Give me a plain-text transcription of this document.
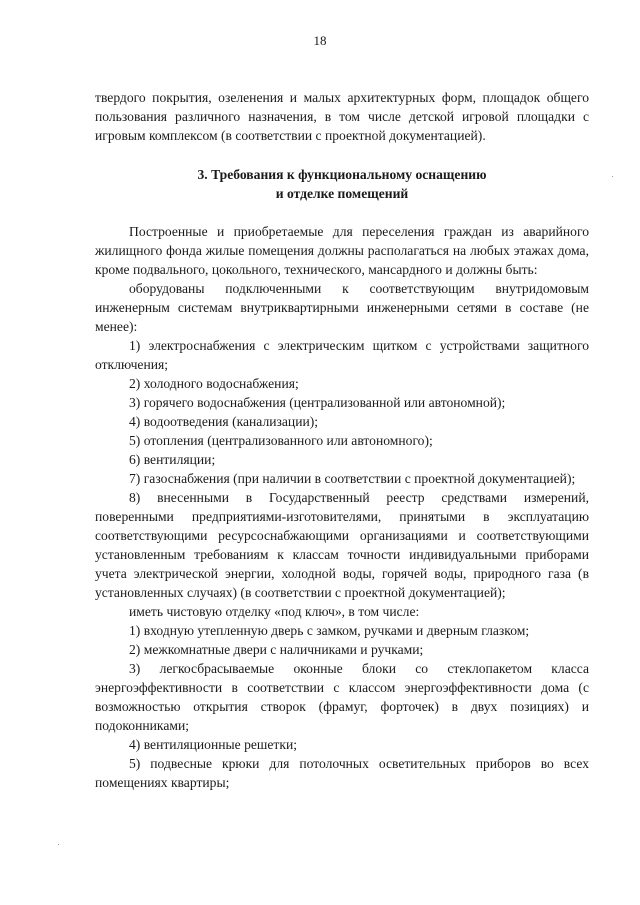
18

твердого покрытия, озеленения и малых архитектурных форм, площадок общего пользования различного назначения, в том числе детской игровой площадки с игровым комплексом (в соответствии с проектной документацией).

3. Требования к функциональному оснащению
и отделке помещений

Построенные и приобретаемые для переселения граждан из аварийного жилищного фонда жилые помещения должны располагаться на любых этажах дома, кроме подвального, цокольного, технического, мансардного и должны быть:

оборудованы подключенными к соответствующим внутридомовым инженерным системам внутриквартирными инженерными сетями в составе (не менее):

1) электроснабжения с электрическим щитком с устройствами защитного отключения;

2) холодного водоснабжения;

3) горячего водоснабжения (централизованной или автономной);

4) водоотведения (канализации);

5) отопления (централизованного или автономного);

6) вентиляции;

7) газоснабжения (при наличии в соответствии с проектной документацией);

8) внесенными в Государственный реестр средствами измерений, поверенными предприятиями-изготовителями, принятыми в эксплуатацию соответствующими ресурсоснабжающими организациями и соответствующими установленным требованиям к классам точности индивидуальными приборами учета электрической энергии, холодной воды, горячей воды, природного газа (в установленных случаях) (в соответствии с проектной документацией);

иметь чистовую отделку «под ключ», в том числе:

1) входную утепленную дверь с замком, ручками и дверным глазком;

2) межкомнатные двери с наличниками и ручками;

3) легкосбрасываемые оконные блоки со стеклопакетом класса энергоэффективности в соответствии с классом энергоэффективности дома (с возможностью открытия створок (фрамуг, форточек) в двух позициях) и подоконниками;

4) вентиляционные решетки;

5) подвесные крюки для потолочных осветительных приборов во всех помещениях квартиры;
